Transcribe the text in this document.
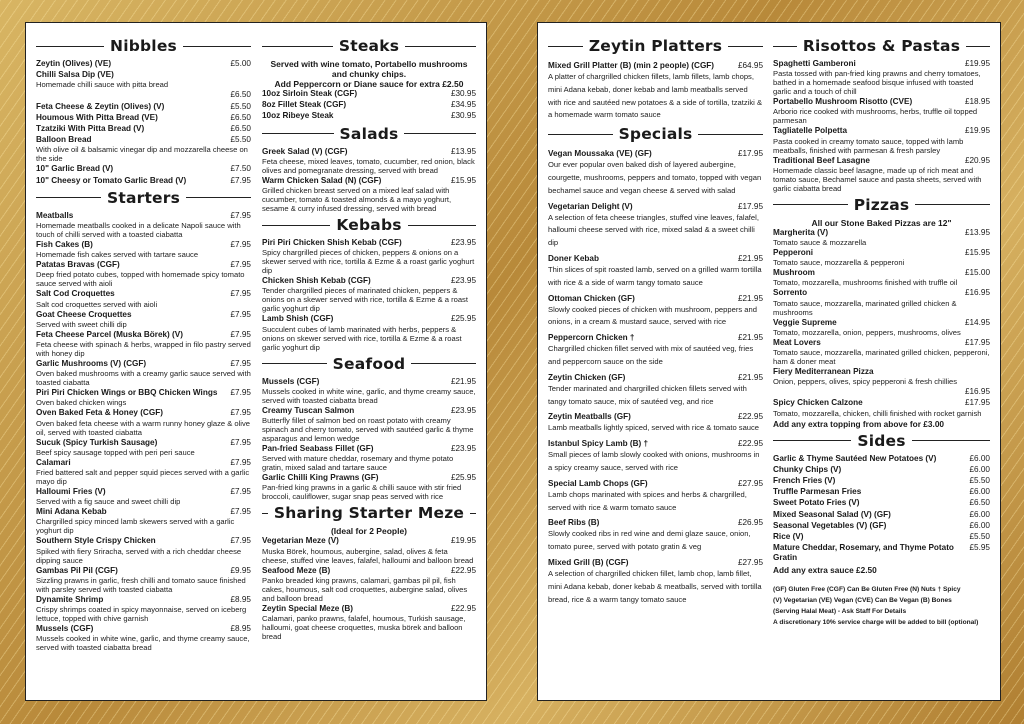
Nibbles
Zeytin (Olives) (VE)	£5.00
Chilli Salsa Dip (VE)
Homemade chilli sauce with pitta bread
£6.50
Feta Cheese & Zeytin (Olives) (V)	£5.50
Houmous With Pitta Bread (VE)	£6.50
Tzatziki With Pitta Bread (V)	£6.50
Balloon Bread	£5.50
With olive oil & balsamic vinegar dip and mozzarella cheese on the side
10" Garlic Bread (V)	£7.50
10" Cheesy or Tomato Garlic Bread (V)	£7.95
Starters
Meatballs	£7.95
Homemade meatballs cooked in a delicate Napoli sauce with touch of chilli served with a toasted ciabatta
Fish Cakes (B)	£7.95
Homemade fish cakes served with tartare sauce
Patatas Bravas (CGF)	£7.95
Deep fried potato cubes, topped with homemade spicy tomato sauce served with aioli
Salt Cod Croquettes	£7.95
Salt cod croquettes served with aioli
Goat Cheese Croquettes	£7.95
Served with sweet chilli dip
Feta Cheese Parcel (Muska Börek) (V)	£7.95
Feta cheese with spinach & herbs, wrapped in filo pastry served with honey dip
Garlic Mushrooms (V) (CGF)	£7.95
Oven baked mushrooms with a creamy garlic sauce served with toasted ciabatta
Piri Piri Chicken Wings or BBQ Chicken Wings	£7.95
Oven baked chicken wings
Oven Baked Feta & Honey (CGF)	£7.95
Oven baked feta cheese with a warm runny honey glaze & olive oil, served with toasted ciabatta
Sucuk (Spicy Turkish Sausage)	£7.95
Beef spicy sausage topped with peri peri sauce
Calamari	£7.95
Fried battered salt and pepper squid pieces served with a garlic mayo dip
Halloumi Fries (V)	£7.95
Served with a fig sauce and sweet chilli dip
Mini Adana Kebab	£7.95
Chargrilled spicy minced lamb skewers served with a garlic yoghurt dip
Southern Style Crispy Chicken	£7.95
Spiked with fiery Sriracha, served with a rich cheddar cheese dipping sauce
Gambas Pil Pil (CGF)	£9.95
Sizzling prawns in garlic, fresh chilli and tomato sauce finished with parsley served with toasted ciabatta
Dynamite Shrimp	£8.95
Crispy shrimps coated in spicy mayonnaise, served on iceberg lettuce, topped with chive garnish
Mussels (CGF)	£8.95
Mussels cooked in white wine, garlic, and thyme creamy sauce, served with toasted ciabatta bread
Steaks
Served with wine tomato, Portabello mushrooms and chunky chips.
Add Peppercorn or Diane sauce for extra £2.50
10oz Sirloin Steak (CGF)	£30.95
8oz Fillet Steak (CGF)	£34.95
10oz Ribeye Steak	£30.95
Salads
Greek Salad (V) (CGF)	£13.95
Feta cheese, mixed leaves, tomato, cucumber, red onion, black olives and pomegranate dressing, served with bread
Warm Chicken Salad (N) (CGF)	£15.95
Grilled chicken breast served on a mixed leaf salad with cucumber, tomato & toasted almonds & a mayo yoghurt, sesame & curry infused dressing, served with bread
Kebabs
Piri Piri Chicken Shish Kebab (CGF)	£23.95
Spicy chargrilled pieces of chicken, peppers & onions on a skewer served with rice, tortilla & Ezme & a roast garlic yoghurt dip
Chicken Shish Kebab (CGF)	£23.95
Tender chargrilled pieces of marinated chicken, peppers & onions on a skewer served with rice, tortilla & Ezme & a roast garlic yoghurt dip
Lamb Shish (CGF)	£25.95
Succulent cubes of lamb marinated with herbs, peppers & onions on skewer served with rice, tortilla & Ezme & a roast garlic yoghurt dip
Seafood
Mussels (CGF)	£21.95
Mussels cooked in white wine, garlic, and thyme creamy sauce, served with toasted ciabatta bread
Creamy Tuscan Salmon	£23.95
Butterfly fillet of salmon bed on roast potato with creamy spinach and cherry tomato, served with sautéed garlic & thyme asparagus and lemon wedge
Pan-fried Seabass Fillet (GF)	£23.95
Served with mature cheddar, rosemary and thyme potato gratin, mixed salad and tartare sauce
Garlic Chilli King Prawns (GF)	£25.95
Pan-fried king prawns in a garlic & chilli sauce with stir fried broccoli, cauliflower, sugar snap peas served with rice
Sharing Starter Meze
(Ideal for 2 People)
Vegetarian Meze (V)	£19.95
Muska Börek, houmous, aubergine, salad, olives & feta cheese, stuffed vine leaves, falafel, halloumi and balloon bread
Seafood Meze (B)	£22.95
Panko breaded king prawns, calamari, gambas pil pil, fish cakes, houmous, salt cod croquettes, aubergine salad, olives and balloon bread
Zeytin Special Meze (B)	£22.95
Calamari, panko prawns, falafel, houmous, Turkish sausage, halloumi, goat cheese croquettes, muska börek and balloon bread
Zeytin Platters
Mixed Grill Platter (B) (min 2 people) (CGF)	£64.95
A platter of chargrilled chicken fillets, lamb fillets, lamb chops, mini Adana kebab, doner kebab and lamb meatballs served with rice and sautéed new potatoes & a side of tortilla, tzatziki & a homemade warm tomato sauce
Specials
Vegan Moussaka (VE) (GF)	£17.95
Our ever popular oven baked dish of layered aubergine, courgette, mushrooms, peppers and tomato, topped with vegan bechamel sauce and vegan cheese & served with salad
Vegetarian Delight (V)	£17.95
A selection of feta cheese triangles, stuffed vine leaves, falafel, halloumi cheese served with rice, mixed salad & a sweet chilli dip
Doner Kebab	£21.95
Thin slices of spit roasted lamb, served on a grilled warm tortilla with rice & a side of warm tangy tomato sauce
Ottoman Chicken (GF)	£21.95
Slowly cooked pieces of chicken with mushroom, peppers and onions, in a cream & mustard sauce, served with rice
Peppercorn Chicken †	£21.95
Chargrilled chicken fillet served with mix of sautéed veg, fries and peppercorn sauce on the side
Zeytin Chicken (GF)	£21.95
Tender marinated and chargrilled chicken fillets served with tangy tomato sauce, mix of sautéed veg, and rice
Zeytin Meatballs (GF)	£22.95
Lamb meatballs lightly spiced, served with rice & tomato sauce
Istanbul Spicy Lamb (B) †	£22.95
Small pieces of lamb slowly cooked with onions, mushrooms in a spicy creamy sauce, served with rice
Special Lamb Chops (GF)	£27.95
Lamb chops marinated with spices and herbs & chargrilled, served with rice & warm tomato sauce
Beef Ribs (B)	£26.95
Slowly cooked ribs in red wine and demi glaze sauce, onion, tomato puree, served with potato gratin & veg
Mixed Grill (B) (CGF)	£27.95
A selection of chargrilled chicken fillet, lamb chop, lamb fillet, mini Adana kebab, doner kebab & meatballs, served with tortilla bread, rice & a warm tangy tomato sauce
Risottos & Pastas
Spaghetti Gamberoni	£19.95
Pasta tossed with pan-fried king prawns and cherry tomatoes, bathed in a homemade seafood bisque infused with toasted garlic and a touch of chill
Portabello Mushroom Risotto (CVE)	£18.95
Arborio rice cooked with mushrooms, herbs, truffle oil topped parmesan
Tagliatelle Polpetta	£19.95
Pasta cooked in creamy tomato sauce, topped with lamb meatballs, finished with parmesan & fresh parsley
Traditional Beef Lasagne	£20.95
Homemade classic beef lasagne, made up of rich meat and tomato sauce, Bechamel sauce and pasta sheets, served with garlic ciabatta bread
Pizzas
All our Stone Baked Pizzas are 12"
Margherita (V)	£13.95
Tomato sauce & mozzarella
Pepperoni	£15.95
Tomato sauce, mozzarella & pepperoni
Mushroom	£15.00
Tomato, mozzarella, mushrooms finished with truffle oil
Sorrento	£16.95
Tomato sauce, mozzarella, marinated grilled chicken & mushrooms
Veggie Supreme	£14.95
Tomato, mozzarella, onion, peppers, mushrooms, olives
Meat Lovers	£17.95
Tomato sauce, mozzarella, marinated grilled chicken, pepperoni, ham & doner meat
Fiery Mediterranean Pizza
Onion, peppers, olives, spicy pepperoni & fresh chillies
£16.95
Spicy Chicken Calzone	£17.95
Tomato, mozzarella, chicken, chilli finished with rocket garnish
Add any extra topping from above for £3.00
Sides
Garlic & Thyme Sautéed New Potatoes (V)	£6.00
Chunky Chips (V)	£6.00
French Fries (V)	£5.50
Truffle Parmesan Fries	£6.00
Sweet Potato Fries (V)	£6.50
Mixed Seasonal Salad (V) (GF)	£6.00
Seasonal Vegetables (V) (GF)	£6.00
Rice (V)	£5.50
Mature Cheddar, Rosemary, and Thyme Potato Gratin
£5.95
Add any extra sauce £2.50
(GF) Gluten Free (CGF) Can Be Gluten Free (N) Nuts † Spicy
(V) Vegetarian (VE) Vegan (CVE) Can Be Vegan (B) Bones
(Serving Halal Meat) - Ask Staff For Details
A discretionary 10% service charge will be added to bill (optional)
